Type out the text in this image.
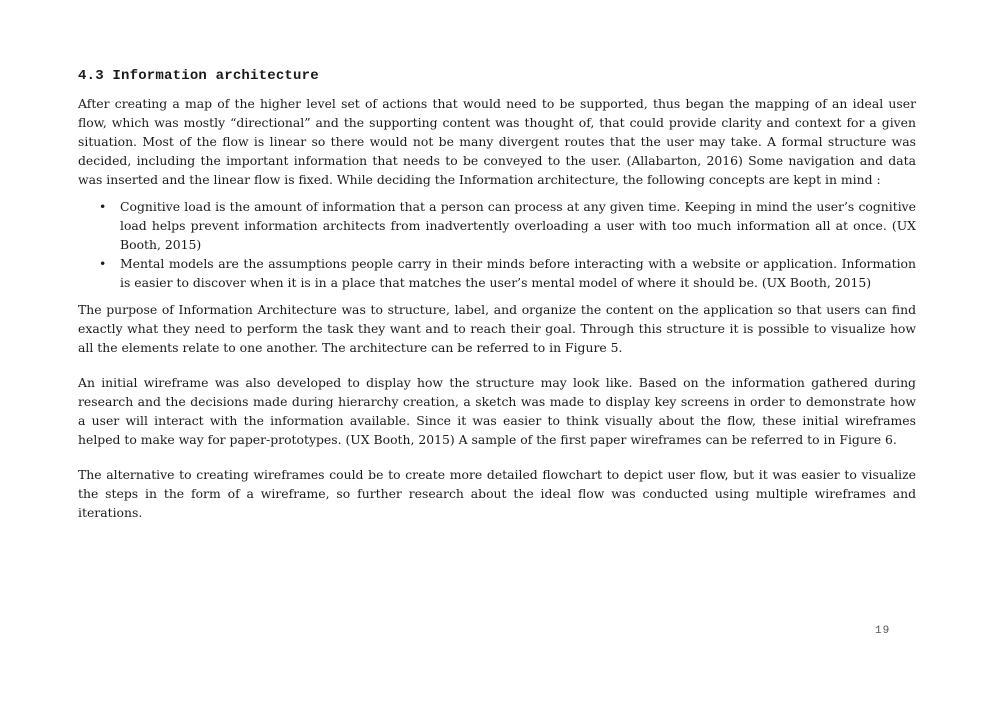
4.3 Information architecture

After creating a map of the higher level set of actions that would need to be supported, thus began the mapping of an ideal user flow, which was mostly “directional” and the supporting content was thought of, that could provide clarity and context for a given situation. Most of the flow is linear so there would not be many divergent routes that the user may take. A formal structure was decided, including the important information that needs to be conveyed to the user. (Allabarton, 2016) Some navigation and data was inserted and the linear flow is fixed. While deciding the Information architecture, the following concepts are kept in mind :

• Cognitive load is the amount of information that a person can process at any given time. Keeping in mind the user’s cognitive load helps prevent information architects from inadvertently overloading a user with too much information all at once. (UX Booth, 2015)
• Mental models are the assumptions people carry in their minds before interacting with a website or application. Information is easier to discover when it is in a place that matches the user’s mental model of where it should be. (UX Booth, 2015)

The purpose of Information Architecture was to structure, label, and organize the content on the application so that users can find exactly what they need to perform the task they want and to reach their goal. Through this structure it is possible to visualize how all the elements relate to one another. The architecture can be referred to in Figure 5.

An initial wireframe was also developed to display how the structure may look like. Based on the information gathered during research and the decisions made during hierarchy creation, a sketch was made to display key screens in order to demonstrate how a user will interact with the information available. Since it was easier to think visually about the flow, these initial wireframes helped to make way for paper-prototypes. (UX Booth, 2015) A sample of the first paper wireframes can be referred to in Figure 6.

The alternative to creating wireframes could be to create more detailed flowchart to depict user flow, but it was easier to visualize the steps in the form of a wireframe, so further research about the ideal flow was conducted using multiple wireframes and iterations.

19
